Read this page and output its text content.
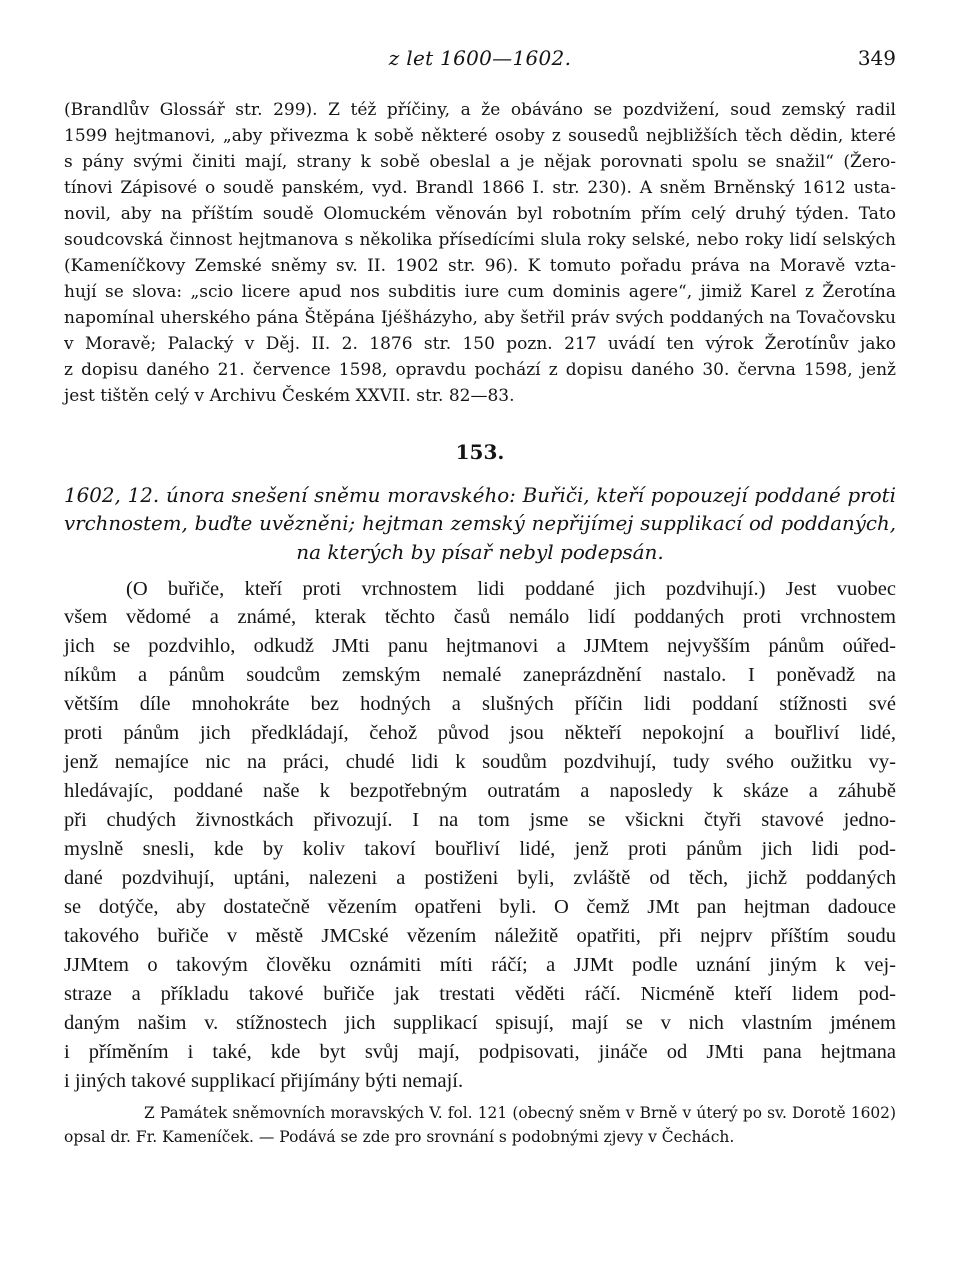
z let 1600—1602.	349
(Brandlův Glossář str. 299). Z též příčiny, a že obáváno se pozdvižení, soud zemský radil
1599 hejtmanovi, „aby přivezma k sobě některé osoby z sousedů nejbližších těch dědin, které
s pány svými činiti mají, strany k sobě obeslal a je nějak porovnati spolu se snažil“ (Žero-
tínovi Zápisové o soudě panském, vyd. Brandl 1866 I. str. 230). A sněm Brněnský 1612 usta-
novil, aby na příštím soudě Olomuckém věnován byl robotním přím celý druhý týden. Tato
soudcovská činnost hejtmanova s několika přísedícími slula roky selské, nebo roky lidí selských
(Kameníčkovy Zemské sněmy sv. II. 1902 str. 96). K tomuto pořadu práva na Moravě vzta-
hují se slova: „scio licere apud nos subditis iure cum dominis agere“, jimiž Karel z Žerotína
napomínal uherského pána Štěpána Ijéšházyho, aby šetřil práv svých poddaných na Tovačovsku
v Moravě; Palacký v Děj. II. 2. 1876 str. 150 pozn. 217 uvádí ten výrok Žerotínův jako
z dopisu daného 21. července 1598, opravdu pochází z dopisu daného 30. června 1598, jenž
jest tištěn celý v Archivu Českém XXVII. str. 82—83.
153.
1602, 12. února snešení sněmu moravského: Buřiči, kteří popouzejí poddané proti
vrchnostem, buďte uvězněni; hejtman zemský nepřijímej supplikací od poddaných,
na kterých by písař nebyl podepsán.
(O buřiče, kteří proti vrchnostem lidi poddané jich pozdvihují.) Jest vuobec
všem vědomé a známé, kterak těchto časů nemálo lidí poddaných proti vrchnostem
jich se pozdvihlo, odkudž JMti panu hejtmanovi a JJMtem nejvyšším pánům oúřed-
níkům a pánům soudcům zemským nemalé zaneprázdnění nastalo. I poněvadž na
větším díle mnohokráte bez hodných a slušných příčin lidi poddaní stížnosti své
proti pánům jich předkládají, čehož původ jsou někteří nepokojní a bouřliví lidé,
jenž nemajíce nic na práci, chudé lidi k soudům pozdvihují, tudy svého oužitku vy-
hledávajíc, poddané naše k bezpotřebným outratám a naposledy k skáze a záhubě
při chudých živnostkách přivozují. I na tom jsme se všickni čtyři stavové jedno-
myslně snesli, kde by koliv takoví bouřliví lidé, jenž proti pánům jich lidi pod-
dané pozdvihují, uptáni, nalezeni a postiženi byli, zvláště od těch, jichž poddaných
se dotýče, aby dostatečně vězením opatřeni byli. O čemž JMt pan hejtman dadouce
takového buřiče v městě JMCské vězením náležitě opatřiti, při nejprv příštím soudu
JJMtem o takovým člověku oznámiti míti ráčí; a JJMt podle uznání jiným k vej-
straze a příkladu takové buřiče jak trestati věděti ráčí. Nicméně kteří lidem pod-
daným našim v. stížnostech jich supplikací spisují, mají se v nich vlastním jménem
i příměním i také, kde byt svůj mají, podpisovati, jináče od JMti pana hejtmana
i jiných takové supplikací přijímány býti nemají.
Z Památek sněmovních moravských V. fol. 121 (obecný sněm v Brně v úterý po sv. Dorotě 1602)
opsal dr. Fr. Kameníček. — Podává se zde pro srovnání s podobnými zjevy v Čechách.
